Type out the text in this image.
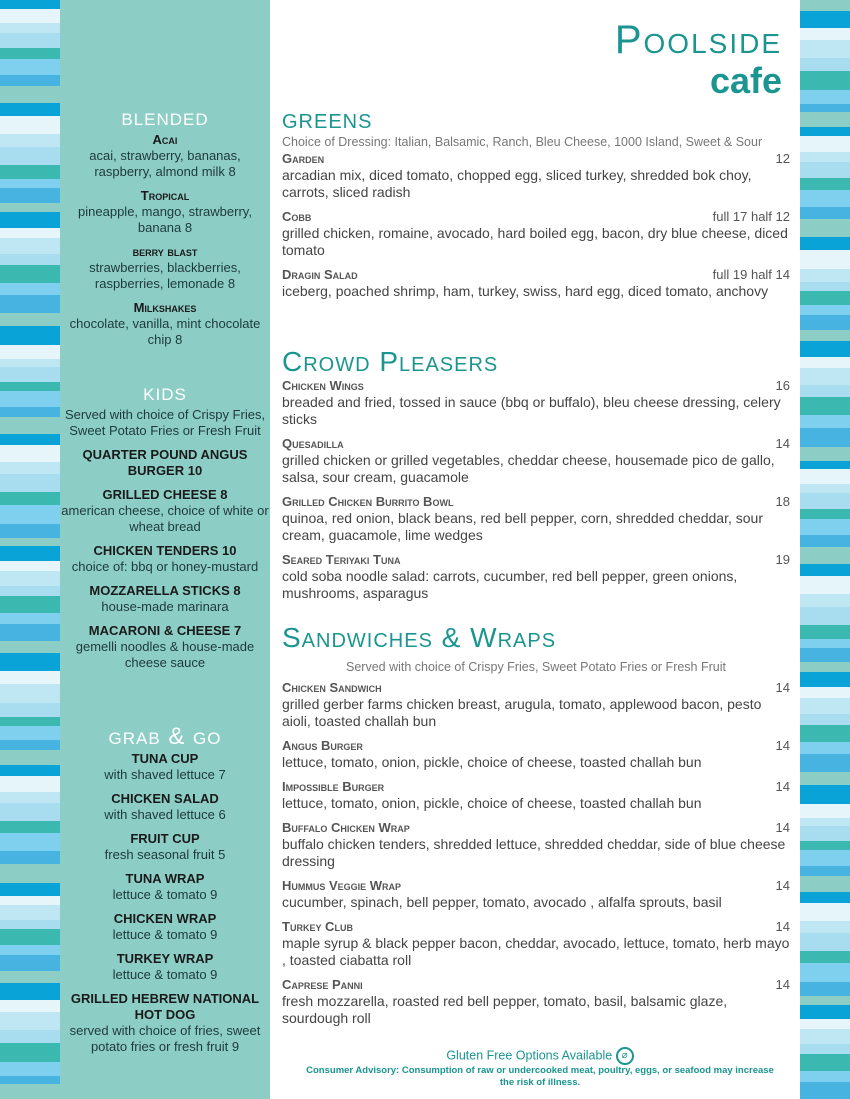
blended
Acai
acai, strawberry, bananas, raspberry, almond milk 8
Tropical
pineapple, mango, strawberry, banana 8
berry blast
strawberries, blackberries, raspberries, lemonade 8
Milkshakes
chocolate, vanilla, mint chocolate chip 8
kids
Served with choice of Crispy Fries, Sweet Potato Fries or Fresh Fruit
QUARTER POUND ANGUS BURGER 10
GRILLED CHEESE 8
american cheese, choice of white or wheat bread
CHICKEN TENDERS 10
choice of: bbq or honey-mustard
MOZZARELLA STICKS 8
house-made marinara
MACARONI & CHEESE 7
gemelli noodles & house-made cheese sauce
grab & go
TUNA CUP
with shaved lettuce 7
CHICKEN SALAD
with shaved lettuce 6
FRUIT CUP
fresh seasonal fruit 5
TUNA WRAP
lettuce & tomato 9
CHICKEN WRAP
lettuce & tomato 9
TURKEY WRAP
lettuce & tomato 9
GRILLED HEBREW NATIONAL HOT DOG
served with choice of fries, sweet potato fries or fresh fruit 9
Poolside
cafe
greens
Choice of Dressing: Italian, Balsamic, Ranch, Bleu Cheese, 1000 Island, Sweet & Sour
Garden	12
arcadian mix, diced tomato, chopped egg, sliced turkey, shredded bok choy, carrots, sliced radish
Cobb	full 17 half 12
grilled chicken, romaine, avocado, hard boiled egg, bacon, dry blue cheese, diced tomato
Dragin Salad	full 19 half 14
iceberg, poached shrimp, ham, turkey, swiss, hard egg, diced tomato, anchovy
Crowd Pleasers
Chicken Wings	16
breaded and fried, tossed in sauce (bbq or buffalo), bleu cheese dressing, celery sticks
Quesadilla	14
grilled chicken or grilled vegetables, cheddar cheese, housemade pico de gallo, salsa, sour cream, guacamole
Grilled Chicken Burrito Bowl	18
quinoa, red onion, black beans, red bell pepper, corn, shredded cheddar, sour cream, guacamole, lime wedges
Seared Teriyaki Tuna	19
cold soba noodle salad: carrots, cucumber, red bell pepper, green onions, mushrooms, asparagus
Sandwiches & Wraps
Served with choice of Crispy Fries, Sweet Potato Fries or Fresh Fruit
Chicken Sandwich	14
grilled gerber farms chicken breast, arugula, tomato, applewood bacon, pesto aioli, toasted challah bun
Angus Burger	14
lettuce, tomato, onion, pickle, choice of cheese, toasted challah bun
Impossible Burger	14
lettuce, tomato, onion, pickle, choice of cheese, toasted challah bun
Buffalo Chicken Wrap	14
buffalo chicken tenders, shredded lettuce, shredded cheddar, side of blue cheese dressing
Hummus Veggie Wrap	14
cucumber, spinach, bell pepper, tomato, avocado , alfalfa sprouts, basil
Turkey Club	14
maple syrup & black pepper bacon, cheddar, avocado, lettuce, tomato, herb mayo , toasted ciabatta roll
Caprese Panni	14
fresh mozzarella, roasted red bell pepper, tomato, basil, balsamic glaze, sourdough roll
Gluten Free Options Available ⌀
Consumer Advisory: Consumption of raw or undercooked meat, poultry, eggs, or seafood may increase the risk of illness.
